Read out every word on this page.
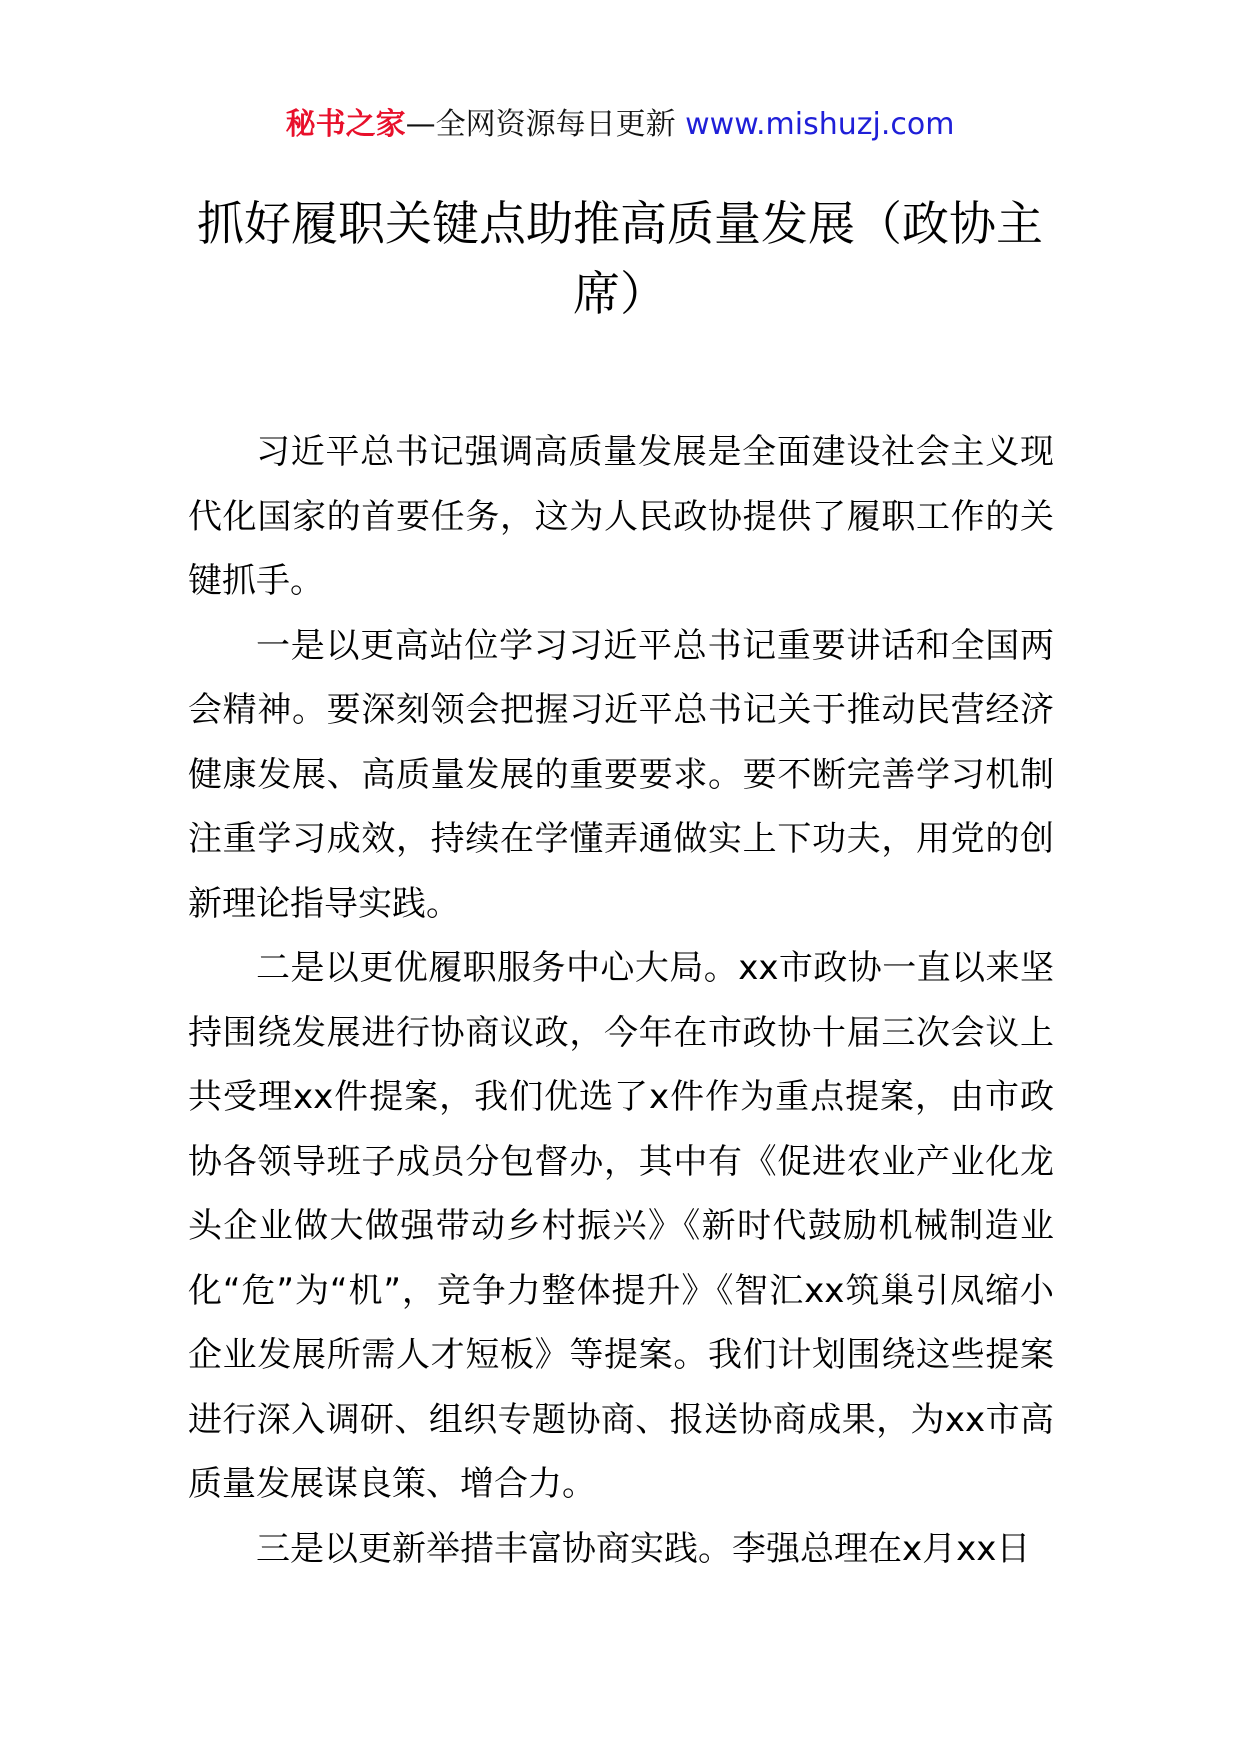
秘书之家—全网资源每日更新 www.mishuzj.com
抓好履职关键点助推高质量发展（政协主席）

习近平总书记强调高质量发展是全面建设社会主义现代化国家的首要任务，这为人民政协提供了履职工作的关键抓手。

一是以更高站位学习习近平总书记重要讲话和全国两会精神。要深刻领会把握习近平总书记关于推动民营经济健康发展、高质量发展的重要要求。要不断完善学习机制注重学习成效，持续在学懂弄通做实上下功夫，用党的创新理论指导实践。

二是以更优履职服务中心大局。xx市政协一直以来坚持围绕发展进行协商议政，今年在市政协十届三次会议上共受理xx件提案，我们优选了x件作为重点提案，由市政协各领导班子成员分包督办，其中有《促进农业产业化龙头企业做大做强带动乡村振兴》《新时代鼓励机械制造业化“危”为“机”，竞争力整体提升》《智汇xx筑巢引凤缩小企业发展所需人才短板》等提案。我们计划围绕这些提案进行深入调研、组织专题协商、报送协商成果，为xx市高质量发展谋良策、增合力。

三是以更新举措丰富协商实践。李强总理在x月xx日
